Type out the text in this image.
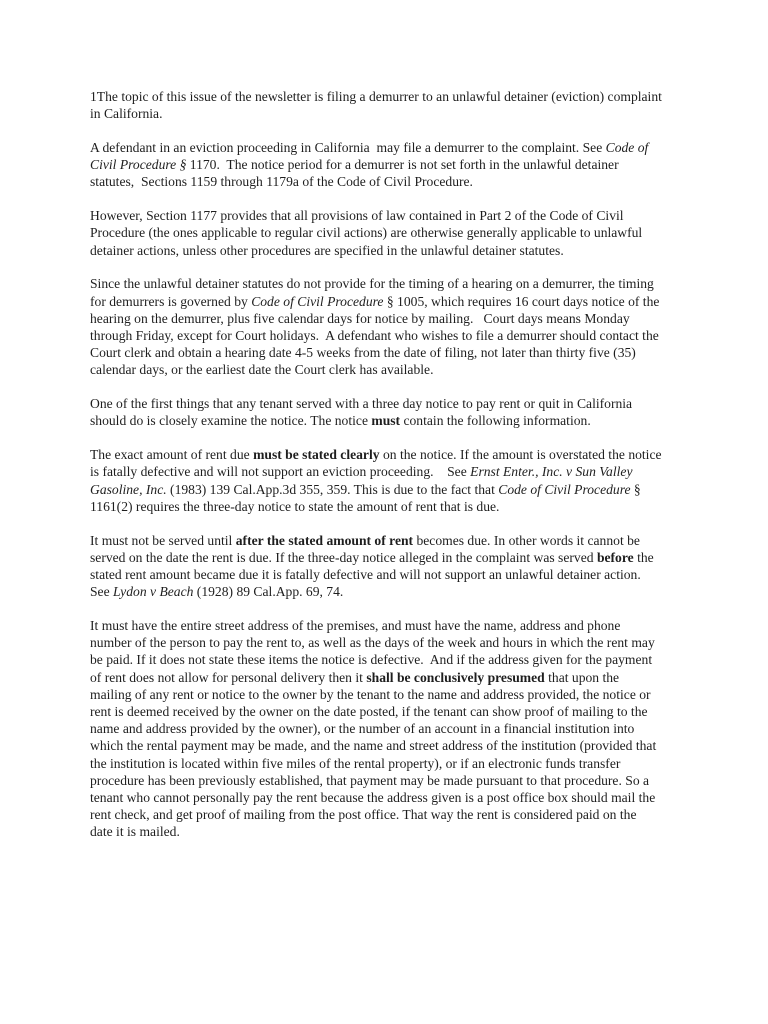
1The topic of this issue of the newsletter is filing a demurrer to an unlawful detainer (eviction) complaint in California.

A defendant in an eviction proceeding in California  may file a demurrer to the complaint. See Code of Civil Procedure § 1170.  The notice period for a demurrer is not set forth in the unlawful detainer statutes,  Sections 1159 through 1179a of the Code of Civil Procedure.

However, Section 1177 provides that all provisions of law contained in Part 2 of the Code of Civil Procedure (the ones applicable to regular civil actions) are otherwise generally applicable to unlawful detainer actions, unless other procedures are specified in the unlawful detainer statutes.

Since the unlawful detainer statutes do not provide for the timing of a hearing on a demurrer, the timing for demurrers is governed by Code of Civil Procedure § 1005, which requires 16 court days notice of the hearing on the demurrer, plus five calendar days for notice by mailing.   Court days means Monday through Friday, except for Court holidays.  A defendant who wishes to file a demurrer should contact the Court clerk and obtain a hearing date 4-5 weeks from the date of filing, not later than thirty five (35) calendar days, or the earliest date the Court clerk has available.

One of the first things that any tenant served with a three day notice to pay rent or quit in California should do is closely examine the notice. The notice must contain the following information.

The exact amount of rent due must be stated clearly on the notice. If the amount is overstated the notice is fatally defective and will not support an eviction proceeding.    See Ernst Enter., Inc. v Sun Valley Gasoline, Inc. (1983) 139 Cal.App.3d 355, 359. This is due to the fact that Code of Civil Procedure § 1161(2) requires the three-day notice to state the amount of rent that is due.

It must not be served until after the stated amount of rent becomes due. In other words it cannot be served on the date the rent is due. If the three-day notice alleged in the complaint was served before the stated rent amount became due it is fatally defective and will not support an unlawful detainer action. See Lydon v Beach (1928) 89 Cal.App. 69, 74.

It must have the entire street address of the premises, and must have the name, address and phone number of the person to pay the rent to, as well as the days of the week and hours in which the rent may be paid. If it does not state these items the notice is defective.  And if the address given for the payment of rent does not allow for personal delivery then it shall be conclusively presumed that upon the mailing of any rent or notice to the owner by the tenant to the name and address provided, the notice or rent is deemed received by the owner on the date posted, if the tenant can show proof of mailing to the name and address provided by the owner), or the number of an account in a financial institution into which the rental payment may be made, and the name and street address of the institution (provided that the institution is located within five miles of the rental property), or if an electronic funds transfer procedure has been previously established, that payment may be made pursuant to that procedure. So a tenant who cannot personally pay the rent because the address given is a post office box should mail the rent check, and get proof of mailing from the post office. That way the rent is considered paid on the date it is mailed.
